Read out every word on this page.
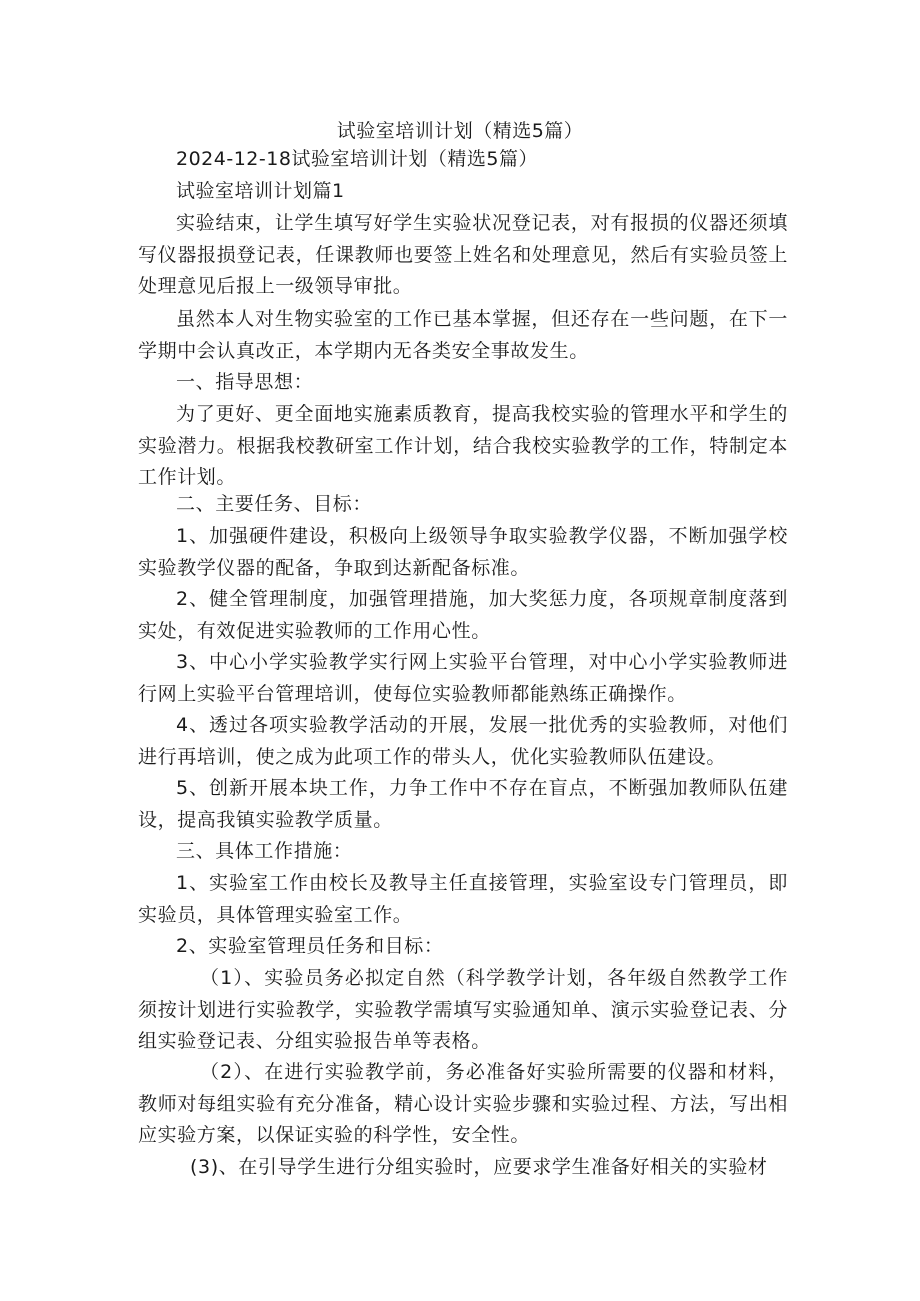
试验室培训计划（精选5篇）
2024-12-18试验室培训计划（精选5篇）
试验室培训计划篇1
实验结束，让学生填写好学生实验状况登记表，对有报损的仪器还须填写仪器报损登记表，任课教师也要签上姓名和处理意见，然后有实验员签上处理意见后报上一级领导审批。
虽然本人对生物实验室的工作已基本掌握，但还存在一些问题，在下一学期中会认真改正，本学期内无各类安全事故发生。
一、指导思想：
为了更好、更全面地实施素质教育，提高我校实验的管理水平和学生的实验潜力。根据我校教研室工作计划，结合我校实验教学的工作，特制定本工作计划。
二、主要任务、目标：
1、加强硬件建设，积极向上级领导争取实验教学仪器，不断加强学校实验教学仪器的配备，争取到达新配备标准。
2、健全管理制度，加强管理措施，加大奖惩力度，各项规章制度落到实处，有效促进实验教师的工作用心性。
3、中心小学实验教学实行网上实验平台管理，对中心小学实验教师进行网上实验平台管理培训，使每位实验教师都能熟练正确操作。
4、透过各项实验教学活动的开展，发展一批优秀的实验教师，对他们进行再培训，使之成为此项工作的带头人，优化实验教师队伍建设。
5、创新开展本块工作，力争工作中不存在盲点，不断强加教师队伍建设，提高我镇实验教学质量。
三、具体工作措施：
1、实验室工作由校长及教导主任直接管理，实验室设专门管理员，即实验员，具体管理实验室工作。
2、实验室管理员任务和目标：
（1）、实验员务必拟定自然（科学教学计划，各年级自然教学工作须按计划进行实验教学，实验教学需填写实验通知单、演示实验登记表、分组实验登记表、分组实验报告单等表格。
（2）、在进行实验教学前，务必准备好实验所需要的仪器和材料，教师对每组实验有充分准备，精心设计实验步骤和实验过程、方法，写出相应实验方案，以保证实验的科学性，安全性。
(3)、在引导学生进行分组实验时，应要求学生准备好相关的实验材
